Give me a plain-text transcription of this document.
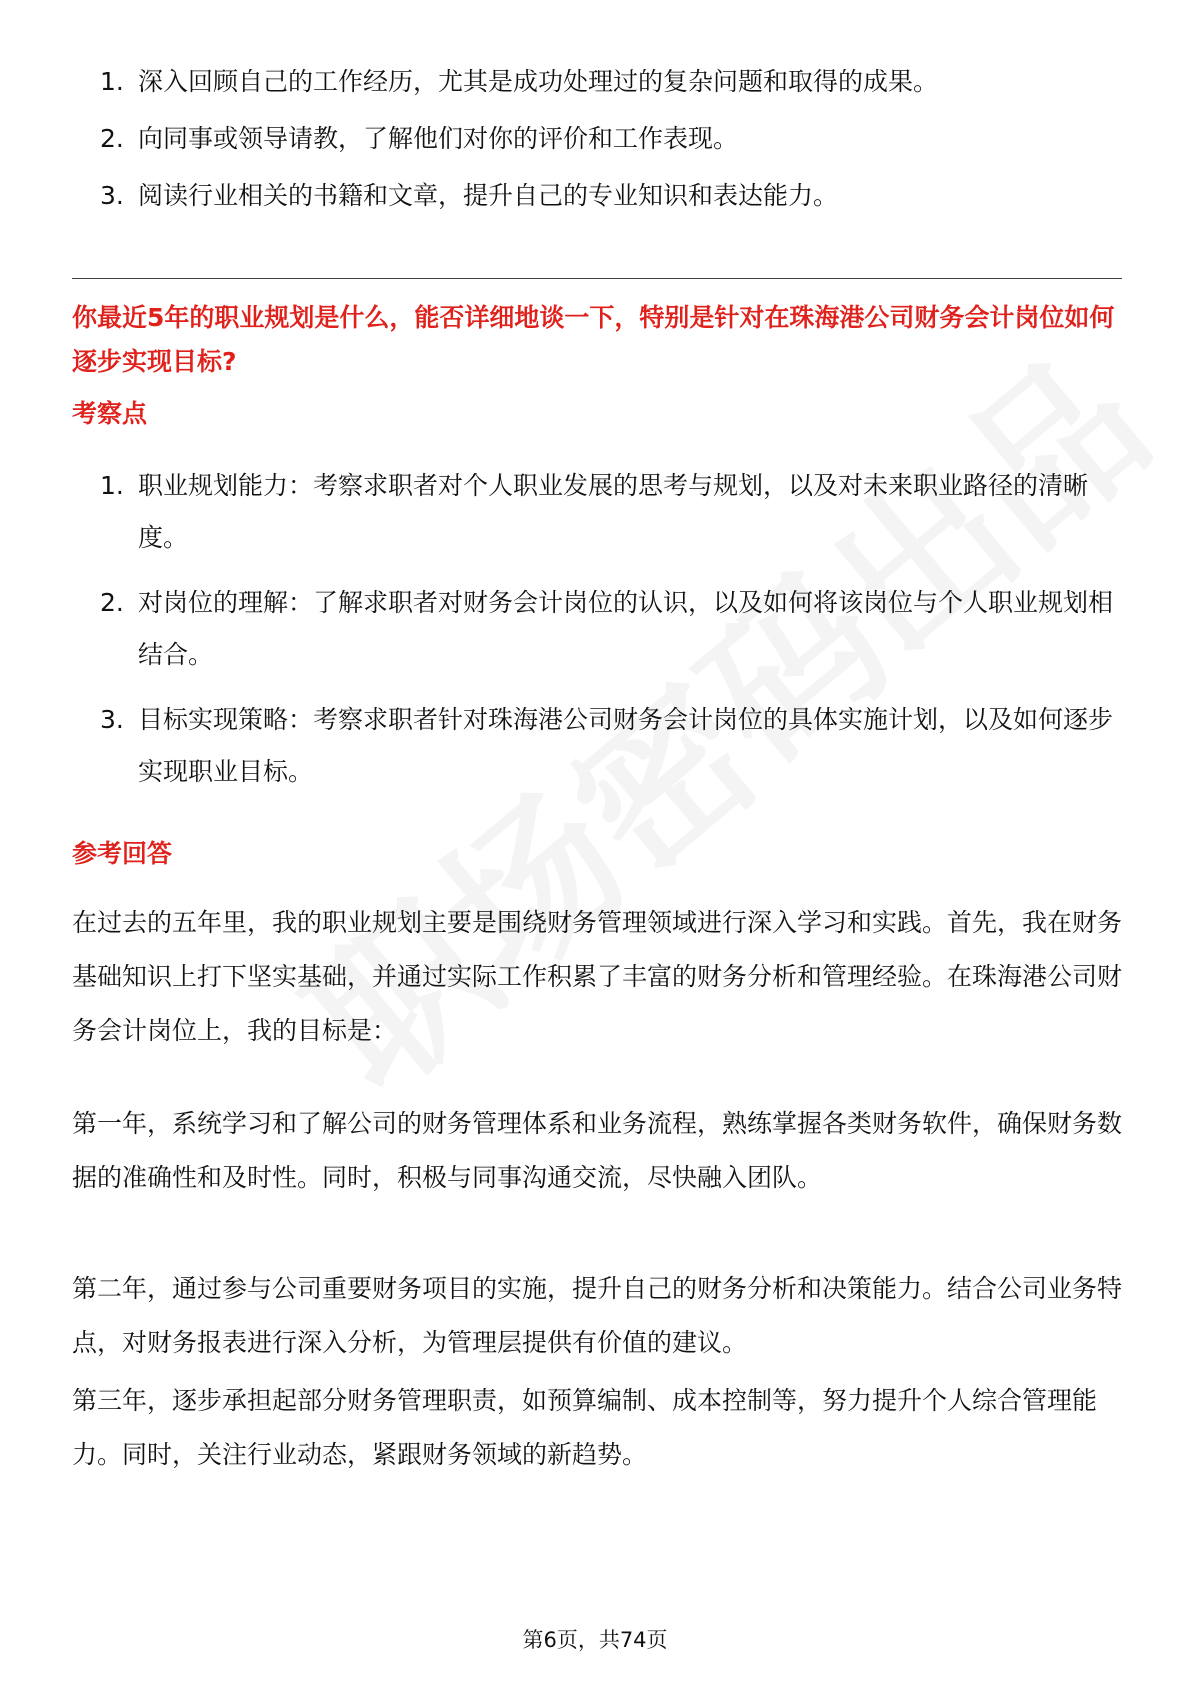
1. 深入回顾自己的工作经历，尤其是成功处理过的复杂问题和取得的成果。
2. 向同事或领导请教，了解他们对你的评价和工作表现。
3. 阅读行业相关的书籍和文章，提升自己的专业知识和表达能力。
你最近5年的职业规划是什么，能否详细地谈一下，特别是针对在珠海港公司财务会计岗位如何逐步实现目标?
考察点
1. 职业规划能力：考察求职者对个人职业发展的思考与规划，以及对未来职业路径的清晰度。
2. 对岗位的理解：了解求职者对财务会计岗位的认识，以及如何将该岗位与个人职业规划相结合。
3. 目标实现策略：考察求职者针对珠海港公司财务会计岗位的具体实施计划，以及如何逐步实现职业目标。
参考回答

在过去的五年里，我的职业规划主要是围绕财务管理领域进行深入学习和实践。首先，我在财务基础知识上打下坚实基础，并通过实际工作积累了丰富的财务分析和管理经验。在珠海港公司财务会计岗位上，我的目标是：

第一年，系统学习和了解公司的财务管理体系和业务流程，熟练掌握各类财务软件，确保财务数据的准确性和及时性。同时，积极与同事沟通交流，尽快融入团队。

第二年，通过参与公司重要财务项目的实施，提升自己的财务分析和决策能力。结合公司业务特点，对财务报表进行深入分析，为管理层提供有价值的建议。

第三年，逐步承担起部分财务管理职责，如预算编制、成本控制等，努力提升个人综合管理能力。同时，关注行业动态，紧跟财务领域的新趋势。

第6页，共74页
